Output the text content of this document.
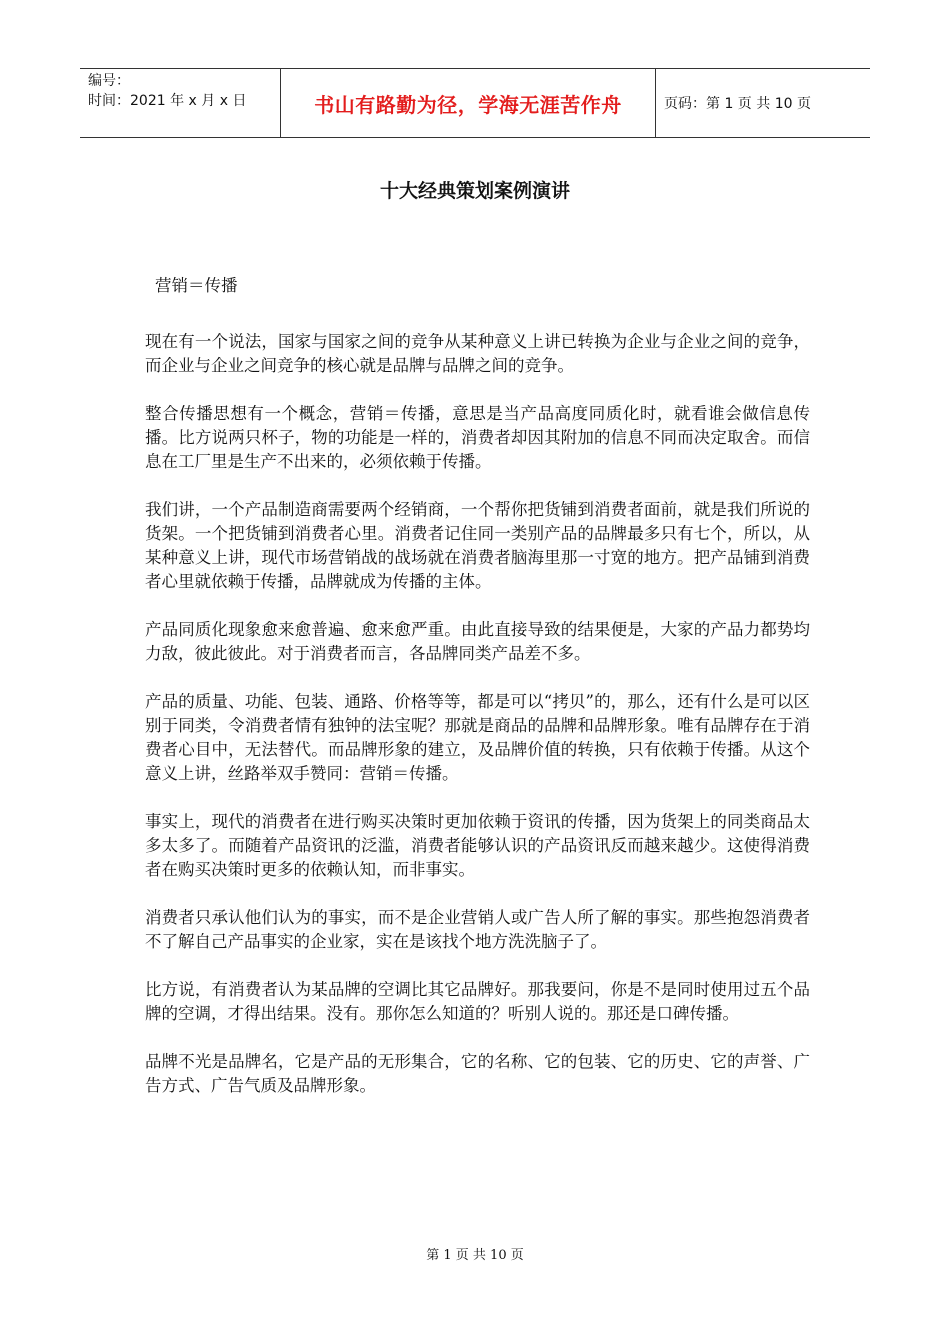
编号：
时间：2021 年 x 月 x 日	书山有路勤为径，学海无涯苦作舟	页码：第 1 页 共 10 页
十大经典策划案例演讲
营销＝传播

现在有一个说法，国家与国家之间的竞争从某种意义上讲已转换为企业与企业之间的竞争，而企业与企业之间竞争的核心就是品牌与品牌之间的竞争。

整合传播思想有一个概念，营销＝传播，意思是当产品高度同质化时，就看谁会做信息传播。比方说两只杯子，物的功能是一样的，消费者却因其附加的信息不同而决定取舍。而信息在工厂里是生产不出来的，必须依赖于传播。

我们讲，一个产品制造商需要两个经销商，一个帮你把货铺到消费者面前，就是我们所说的货架。一个把货铺到消费者心里。消费者记住同一类别产品的品牌最多只有七个，所以，从某种意义上讲，现代市场营销战的战场就在消费者脑海里那一寸宽的地方。把产品铺到消费者心里就依赖于传播，品牌就成为传播的主体。

产品同质化现象愈来愈普遍、愈来愈严重。由此直接导致的结果便是，大家的产品力都势均力敌，彼此彼此。对于消费者而言，各品牌同类产品差不多。

产品的质量、功能、包装、通路、价格等等，都是可以“拷贝”的，那么，还有什么是可以区别于同类，令消费者情有独钟的法宝呢？那就是商品的品牌和品牌形象。唯有品牌存在于消费者心目中，无法替代。而品牌形象的建立，及品牌价值的转换，只有依赖于传播。从这个意义上讲，丝路举双手赞同：营销＝传播。

事实上，现代的消费者在进行购买决策时更加依赖于资讯的传播，因为货架上的同类商品太多太多了。而随着产品资讯的泛滥，消费者能够认识的产品资讯反而越来越少。这使得消费者在购买决策时更多的依赖认知，而非事实。

消费者只承认他们认为的事实，而不是企业营销人或广告人所了解的事实。那些抱怨消费者不了解自己产品事实的企业家，实在是该找个地方洗洗脑子了。

比方说，有消费者认为某品牌的空调比其它品牌好。那我要问，你是不是同时使用过五个品牌的空调，才得出结果。没有。那你怎么知道的？听别人说的。那还是口碑传播。

品牌不光是品牌名，它是产品的无形集合，它的名称、它的包装、它的历史、它的声誉、广告方式、广告气质及品牌形象。

第 1 页 共 10 页
